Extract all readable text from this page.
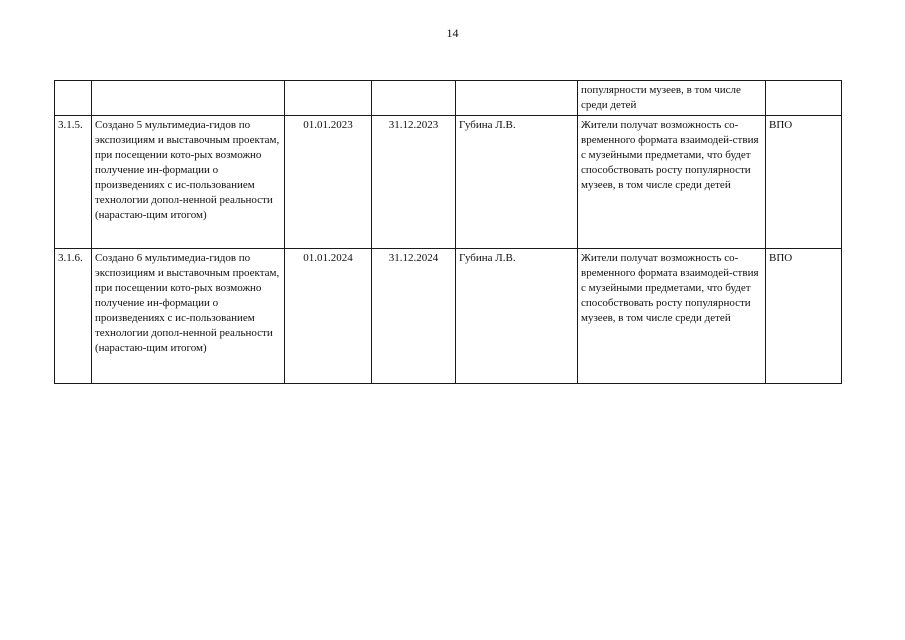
14
					популярности музеев, в том числе среди детей	
3.1.5.	Создано 5 мультимедиа-гидов по экспозициям и выставочным проектам, при посещении кото-рых возможно получение ин-формации о произведениях с ис-пользованием технологии допол-ненной реальности (нарастаю-щим итогом)	01.01.2023	31.12.2023	Губина Л.В.	Жители получат возможность со-временного формата взаимодей-ствия с музейными предметами, что будет способствовать росту популярности музеев, в том числе среди детей	ВПО
3.1.6.	Создано 6 мультимедиа-гидов по экспозициям и выставочным проектам, при посещении кото-рых возможно получение ин-формации о произведениях с ис-пользованием технологии допол-ненной реальности (нарастаю-щим итогом)	01.01.2024	31.12.2024	Губина Л.В.	Жители получат возможность со-временного формата взаимодей-ствия с музейными предметами, что будет способствовать росту популярности музеев, в том числе среди детей	ВПО
